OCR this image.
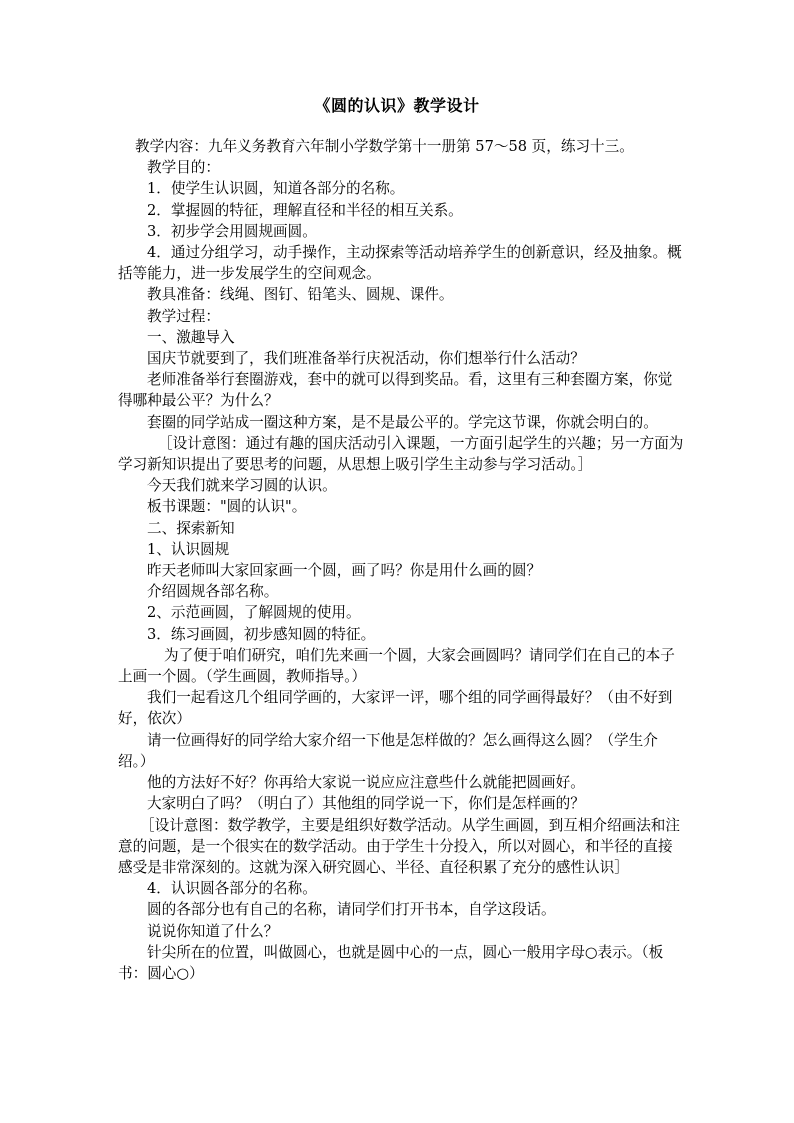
《圆的认识》教学设计

教学内容：九年义务教育六年制小学数学第十一册第 57～58 页，练习十三。

教学目的：

1．使学生认识圆，知道各部分的名称。

2．掌握圆的特征，理解直径和半径的相互关系。

3．初步学会用圆规画圆。

4．通过分组学习，动手操作，主动探索等活动培养学生的创新意识，经及抽象。概括等能力，进一步发展学生的空间观念。

教具准备：线绳、图钉、铅笔头、圆规、课件。

教学过程：

一、激趣导入

国庆节就要到了，我们班准备举行庆祝活动，你们想举行什么活动？

老师准备举行套圈游戏，套中的就可以得到奖品。看，这里有三种套圈方案，你觉得哪种最公平？为什么？

套圈的同学站成一圈这种方案，是不是最公平的。学完这节课，你就会明白的。

［设计意图：通过有趣的国庆活动引入课题，一方面引起学生的兴趣；另一方面为学习新知识提出了要思考的问题，从思想上吸引学生主动参与学习活动。］

今天我们就来学习圆的认识。

板书课题："圆的认识"。

二、探索新知

1、认识圆规

昨天老师叫大家回家画一个圆，画了吗？你是用什么画的圆？

介绍圆规各部名称。

2、示范画圆，了解圆规的使用。

3．练习画圆，初步感知圆的特征。

为了便于咱们研究，咱们先来画一个圆，大家会画圆吗？请同学们在自己的本子上画一个圆。（学生画圆，教师指导。）

我们一起看这几个组同学画的，大家评一评，哪个组的同学画得最好？（由不好到好，依次）

请一位画得好的同学给大家介绍一下他是怎样做的？怎么画得这么圆？（学生介绍。）

他的方法好不好？你再给大家说一说应应注意些什么就能把圆画好。

大家明白了吗？（明白了）其他组的同学说一下，你们是怎样画的？

［设计意图：数学教学，主要是组织好数学活动。从学生画圆，到互相介绍画法和注意的问题，是一个很实在的数学活动。由于学生十分投入，所以对圆心，和半径的直接感受是非常深刻的。这就为深入研究圆心、半径、直径积累了充分的感性认识］

4．认识圆各部分的名称。

圆的各部分也有自己的名称，请同学们打开书本，自学这段话。

说说你知道了什么？

针尖所在的位置，叫做圆心，也就是圆中心的一点，圆心一般用字母○表示。（板书：圆心○）
